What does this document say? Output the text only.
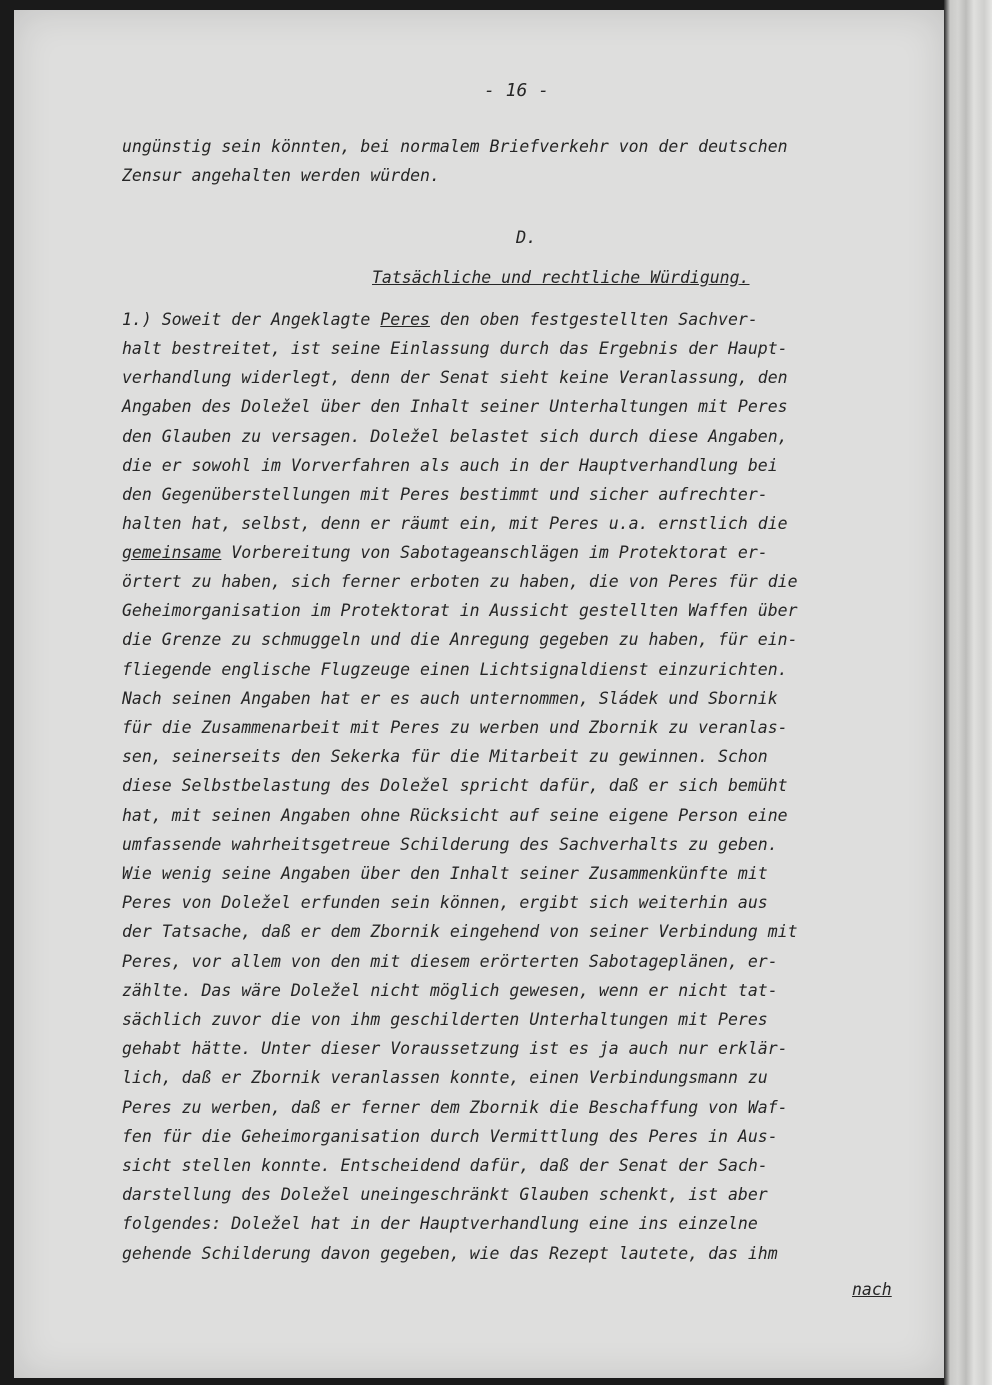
- 16 -
ungünstig sein könnten, bei normalem Briefverkehr von der deutschen
Zensur angehalten werden würden.
D.
Tatsächliche und rechtliche Würdigung.
1.) Soweit der Angeklagte Peres den oben festgestellten Sachver-
halt bestreitet, ist seine Einlassung durch das Ergebnis der Haupt-
verhandlung widerlegt, denn der Senat sieht keine Veranlassung, den
Angaben des Doležel über den Inhalt seiner Unterhaltungen mit Peres
den Glauben zu versagen. Doležel belastet sich durch diese Angaben,
die er sowohl im Vorverfahren als auch in der Hauptverhandlung bei
den Gegenüberstellungen mit Peres bestimmt und sicher aufrechter-
halten hat, selbst, denn er räumt ein, mit Peres u.a. ernstlich die
gemeinsame Vorbereitung von Sabotageanschlägen im Protektorat er-
örtert zu haben, sich ferner erboten zu haben, die von Peres für die
Geheimorganisation im Protektorat in Aussicht gestellten Waffen über
die Grenze zu schmuggeln und die Anregung gegeben zu haben, für ein-
fliegende englische Flugzeuge einen Lichtsignaldienst einzurichten.
Nach seinen Angaben hat er es auch unternommen, Sládek und Sbornik
für die Zusammenarbeit mit Peres zu werben und Zbornik zu veranlas-
sen, seinerseits den Sekerka für die Mitarbeit zu gewinnen. Schon
diese Selbstbelastung des Doležel spricht dafür, daß er sich bemüht
hat, mit seinen Angaben ohne Rücksicht auf seine eigene Person eine
umfassende wahrheitsgetreue Schilderung des Sachverhalts zu geben.
Wie wenig seine Angaben über den Inhalt seiner Zusammenkünfte mit
Peres von Doležel erfunden sein können, ergibt sich weiterhin aus
der Tatsache, daß er dem Zbornik eingehend von seiner Verbindung mit
Peres, vor allem von den mit diesem erörterten Sabotageplänen, er-
zählte. Das wäre Doležel nicht möglich gewesen, wenn er nicht tat-
sächlich zuvor die von ihm geschilderten Unterhaltungen mit Peres
gehabt hätte. Unter dieser Voraussetzung ist es ja auch nur erklär-
lich, daß er Zbornik veranlassen konnte, einen Verbindungsmann zu
Peres zu werben, daß er ferner dem Zbornik die Beschaffung von Waf-
fen für die Geheimorganisation durch Vermittlung des Peres in Aus-
sicht stellen konnte. Entscheidend dafür, daß der Senat der Sach-
darstellung des Doležel uneingeschränkt Glauben schenkt, ist aber
folgendes: Doležel hat in der Hauptverhandlung eine ins einzelne
gehende Schilderung davon gegeben, wie das Rezept lautete, das ihm
nach
